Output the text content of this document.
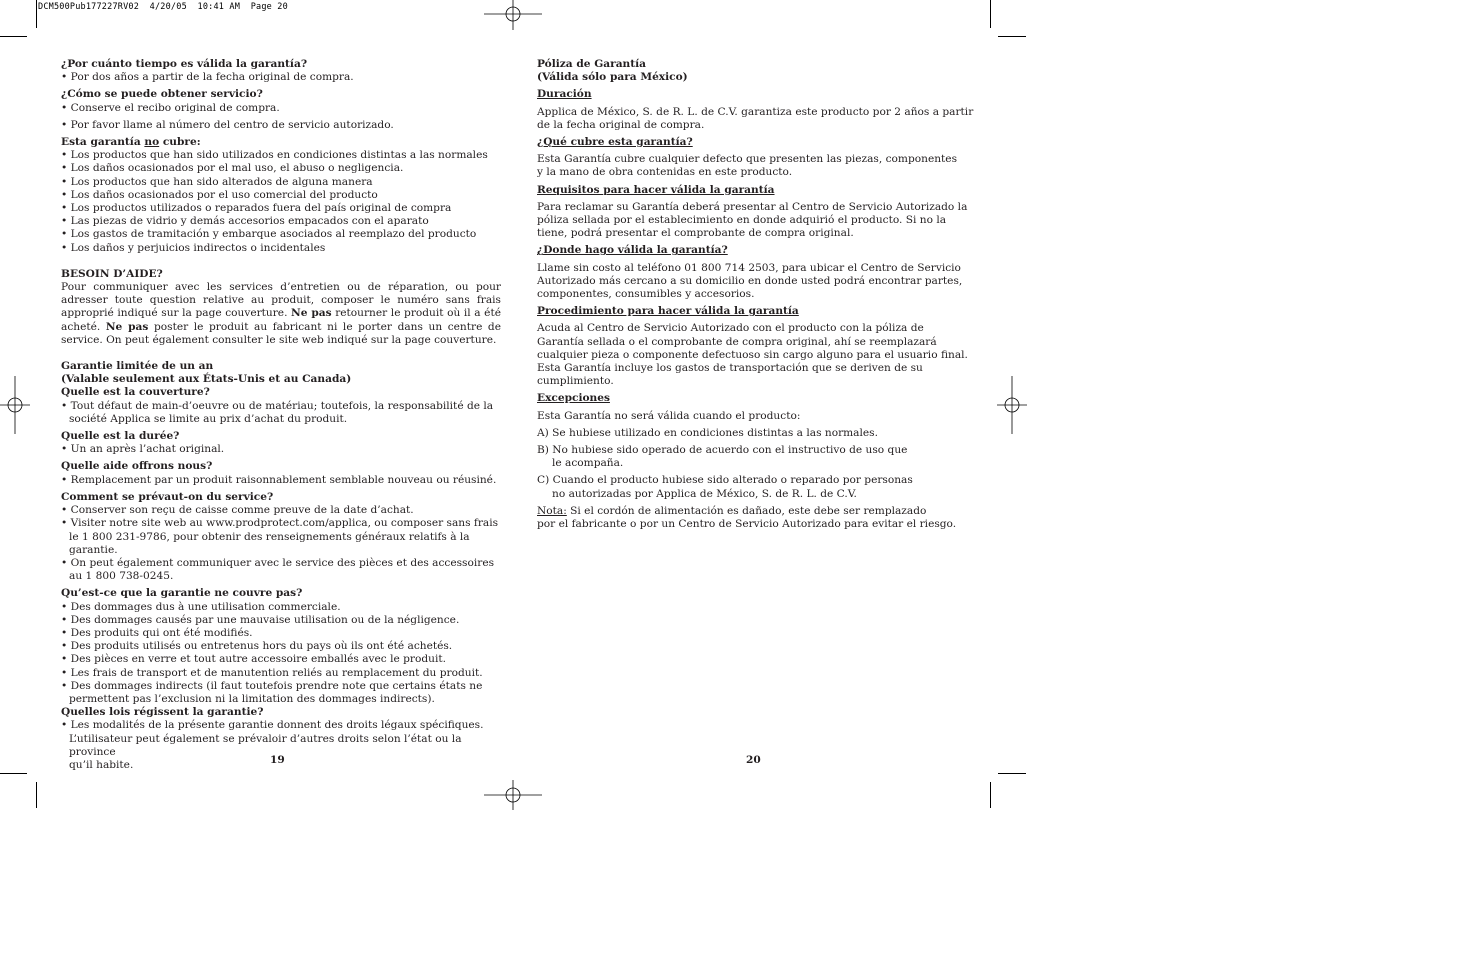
DCM500Pub177227RV02  4/20/05  10:41 AM  Page 20
¿Por cuánto tiempo es válida la garantía?
• Por dos años a partir de la fecha original de compra.
¿Cómo se puede obtener servicio?
• Conserve el recibo original de compra.
• Por favor llame al número del centro de servicio autorizado.
Esta garantía no cubre:
• Los productos que han sido utilizados en condiciones distintas a las normales
• Los daños ocasionados por el mal uso, el abuso o negligencia.
• Los productos que han sido alterados de alguna manera
• Los daños ocasionados por el uso comercial del producto
• Los productos utilizados o reparados fuera del país original de compra
• Las piezas de vidrio y demás accesorios empacados con el aparato
• Los gastos de tramitación y embarque asociados al reemplazo del producto
• Los daños y perjuicios indirectos o incidentales
BESOIN D’AIDE?
Pour communiquer avec les services d’entretien ou de réparation, ou pour adresser toute question relative au produit, composer le numéro sans frais approprié indiqué sur la page couverture. Ne pas retourner le produit où il a été acheté. Ne pas poster le produit au fabricant ni le porter dans un centre de service. On peut également consulter le site web indiqué sur la page couverture.
Garantie limitée de un an
(Valable seulement aux États-Unis et au Canada)
Quelle est la couverture?
• Tout défaut de main-d’oeuvre ou de matériau; toutefois, la responsabilité de la
société Applica se limite au prix d’achat du produit.
Quelle est la durée?
• Un an après l’achat original.
Quelle aide offrons nous?
• Remplacement par un produit raisonnablement semblable nouveau ou réusiné.
Comment se prévaut-on du service?
• Conserver son reçu de caisse comme preuve de la date d’achat.
• Visiter notre site web au www.prodprotect.com/applica, ou composer sans frais
le 1 800 231-9786, pour obtenir des renseignements généraux relatifs à la
garantie.
• On peut également communiquer avec le service des pièces et des accessoires
au 1 800 738-0245.
Qu’est-ce que la garantie ne couvre pas?
• Des dommages dus à une utilisation commerciale.
• Des dommages causés par une mauvaise utilisation ou de la négligence.
• Des produits qui ont été modifiés.
• Des produits utilisés ou entretenus hors du pays où ils ont été achetés.
• Des pièces en verre et tout autre accessoire emballés avec le produit.
• Les frais de transport et de manutention reliés au remplacement du produit.
• Des dommages indirects (il faut toutefois prendre note que certains états ne
permettent pas l’exclusion ni la limitation des dommages indirects).
Quelles lois régissent la garantie?
• Les modalités de la présente garantie donnent des droits légaux spécifiques.
L’utilisateur peut également se prévaloir d’autres droits selon l’état ou la province
qu’il habite.	19
Póliza de Garantía
(Válida sólo para México)
Duración
Applica de México, S. de R. L. de C.V. garantiza este producto por 2 años a partir
de la fecha original de compra.
¿Qué cubre esta garantía?
Esta Garantía cubre cualquier defecto que presenten las piezas, componentes
y la mano de obra contenidas en este producto.
Requisitos para hacer válida la garantía
Para reclamar su Garantía deberá presentar al Centro de Servicio Autorizado la
póliza sellada por el establecimiento en donde adquirió el producto. Si no la
tiene, podrá presentar el comprobante de compra original.
¿Donde hago válida la garantía?
Llame sin costo al teléfono 01 800 714 2503, para ubicar el Centro de Servicio
Autorizado más cercano a su domicilio en donde usted podrá encontrar partes,
componentes, consumibles y accesorios.
Procedimiento para hacer válida la garantía
Acuda al Centro de Servicio Autorizado con el producto con la póliza de
Garantía sellada o el comprobante de compra original, ahí se reemplazará
cualquier pieza o componente defectuoso sin cargo alguno para el usuario final.
Esta Garantía incluye los gastos de transportación que se deriven de su
cumplimiento.
Excepciones
Esta Garantía no será válida cuando el producto:
A) Se hubiese utilizado en condiciones distintas a las normales.
B) No hubiese sido operado de acuerdo con el instructivo de uso que
le acompaña.
C) Cuando el producto hubiese sido alterado o reparado por personas
no autorizadas por Applica de México, S. de R. L. de C.V.
Nota: Si el cordón de alimentación es dañado, este debe ser remplazado
por el fabricante o por un Centro de Servicio Autorizado para evitar el riesgo.
20
